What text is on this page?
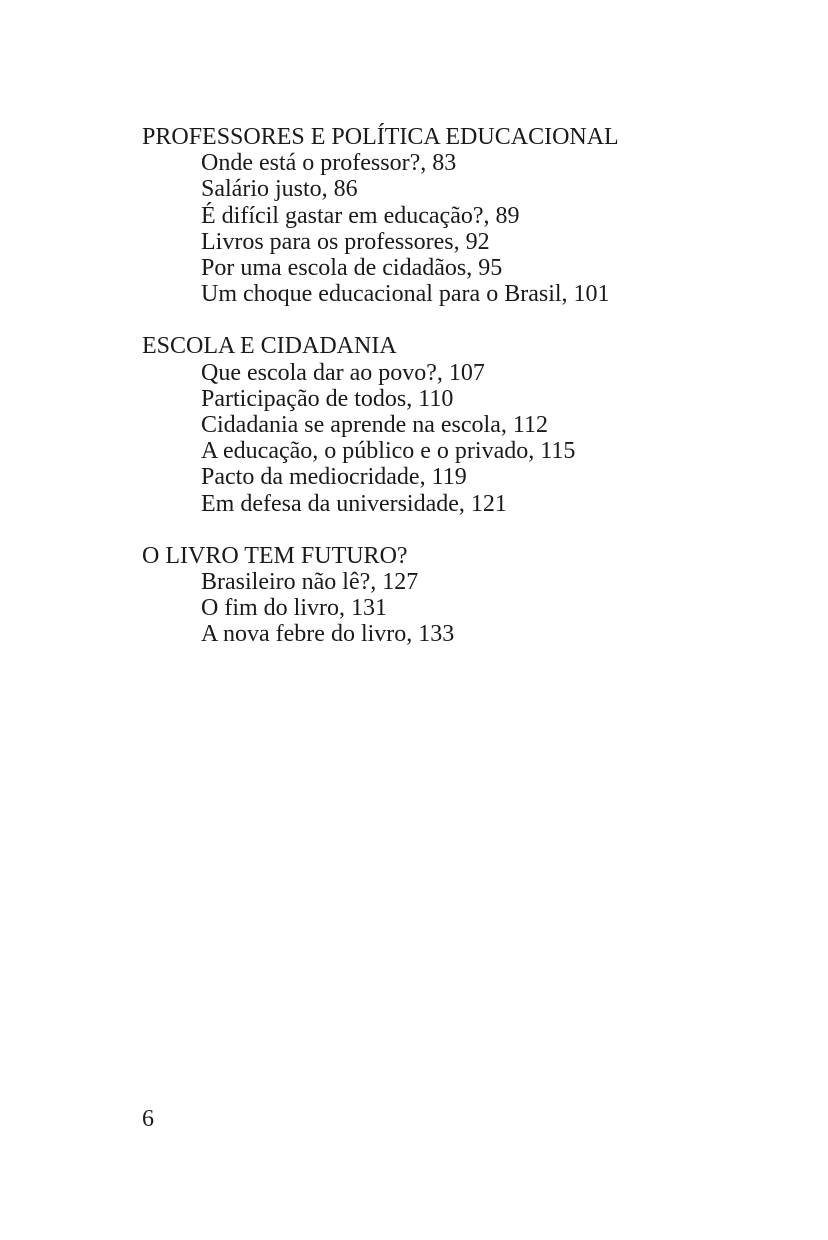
PROFESSORES E POLÍTICA EDUCACIONAL
Onde está o professor?, 83
Salário justo, 86
É difícil gastar em educação?, 89
Livros para os professores, 92
Por uma escola de cidadãos, 95
Um choque educacional para o Brasil, 101
ESCOLA E CIDADANIA
Que escola dar ao povo?, 107
Participação de todos, 110
Cidadania se aprende na escola, 112
A educação, o público e o privado, 115
Pacto da mediocridade, 119
Em defesa da universidade, 121
O LIVRO TEM FUTURO?
Brasileiro não lê?, 127
O fim do livro, 131
A nova febre do livro, 133
6
